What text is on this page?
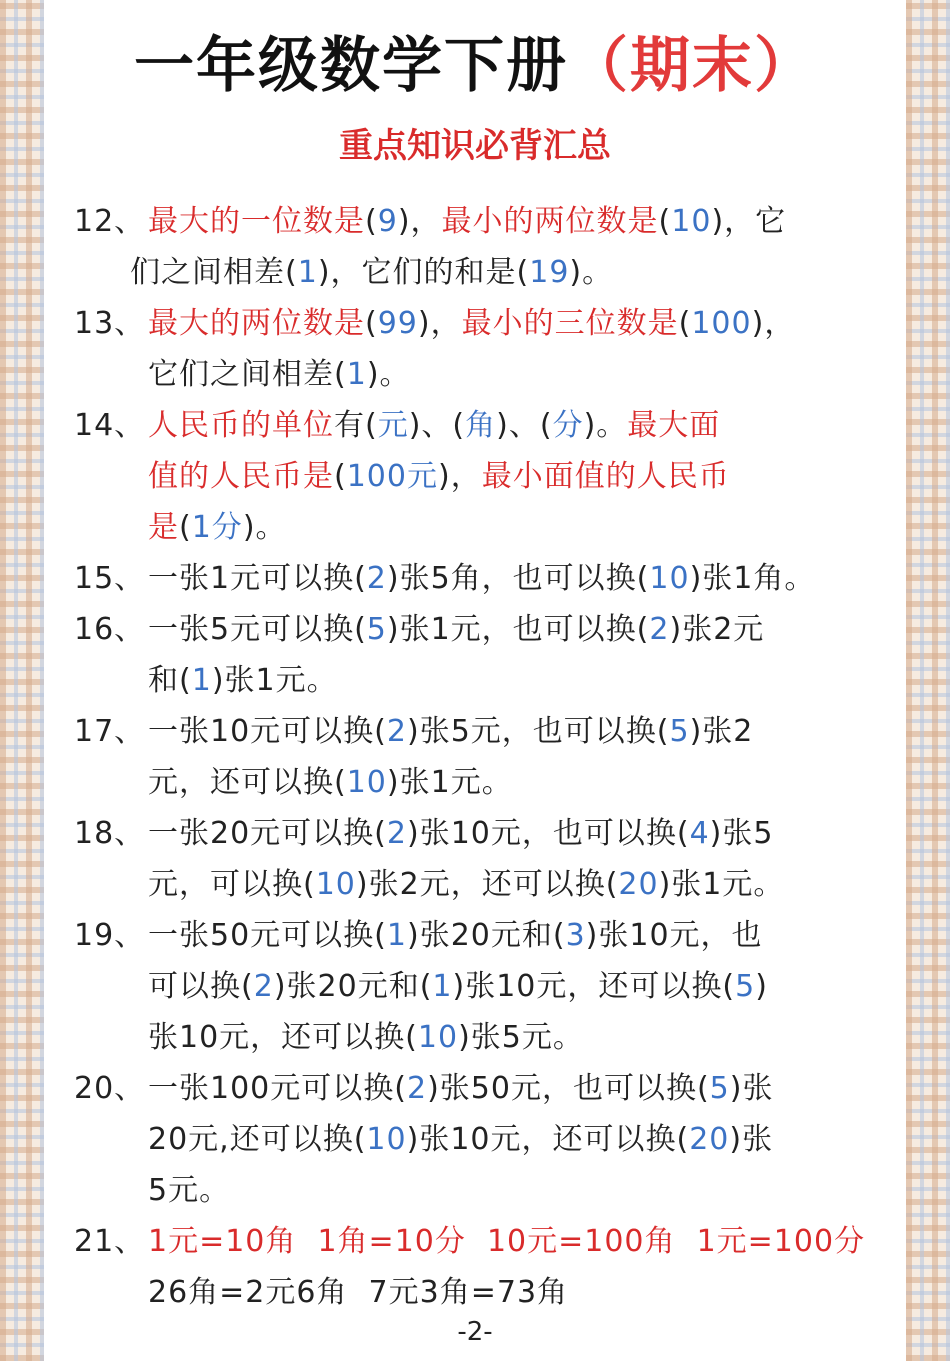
一年级数学下册（期末）
重点知识必背汇总
12、 最大的一位数是(9)，最小的两位数是(10)，它
们之间相差(1)，它们的和是(19)。
13、 最大的两位数是(99)，最小的三位数是(100)，
它们之间相差(1)。
14、 人民币的单位有(元)、(角)、(分)。最大面
值的人民币是(100元)，最小面值的人民币
是(1分)。
15、 一张1元可以换(2)张5角，也可以换(10)张1角。
16、 一张5元可以换(5)张1元，也可以换(2)张2元
和(1)张1元。
17、 一张10元可以换(2)张5元，也可以换(5)张2
元，还可以换(10)张1元。
18、 一张20元可以换(2)张10元，也可以换(4)张5
元，可以换(10)张2元，还可以换(20)张1元。
19、 一张50元可以换(1)张20元和(3)张10元，也
可以换(2)张20元和(1)张10元，还可以换(5)
张10元，还可以换(10)张5元。
20、 一张100元可以换(2)张50元，也可以换(5)张
20元,还可以换(10)张10元，还可以换(20)张
5元。
21、 1元=10角  1角=10分  10元=100角  1元=100分
26角=2元6角  7元3角=73角
-2-
